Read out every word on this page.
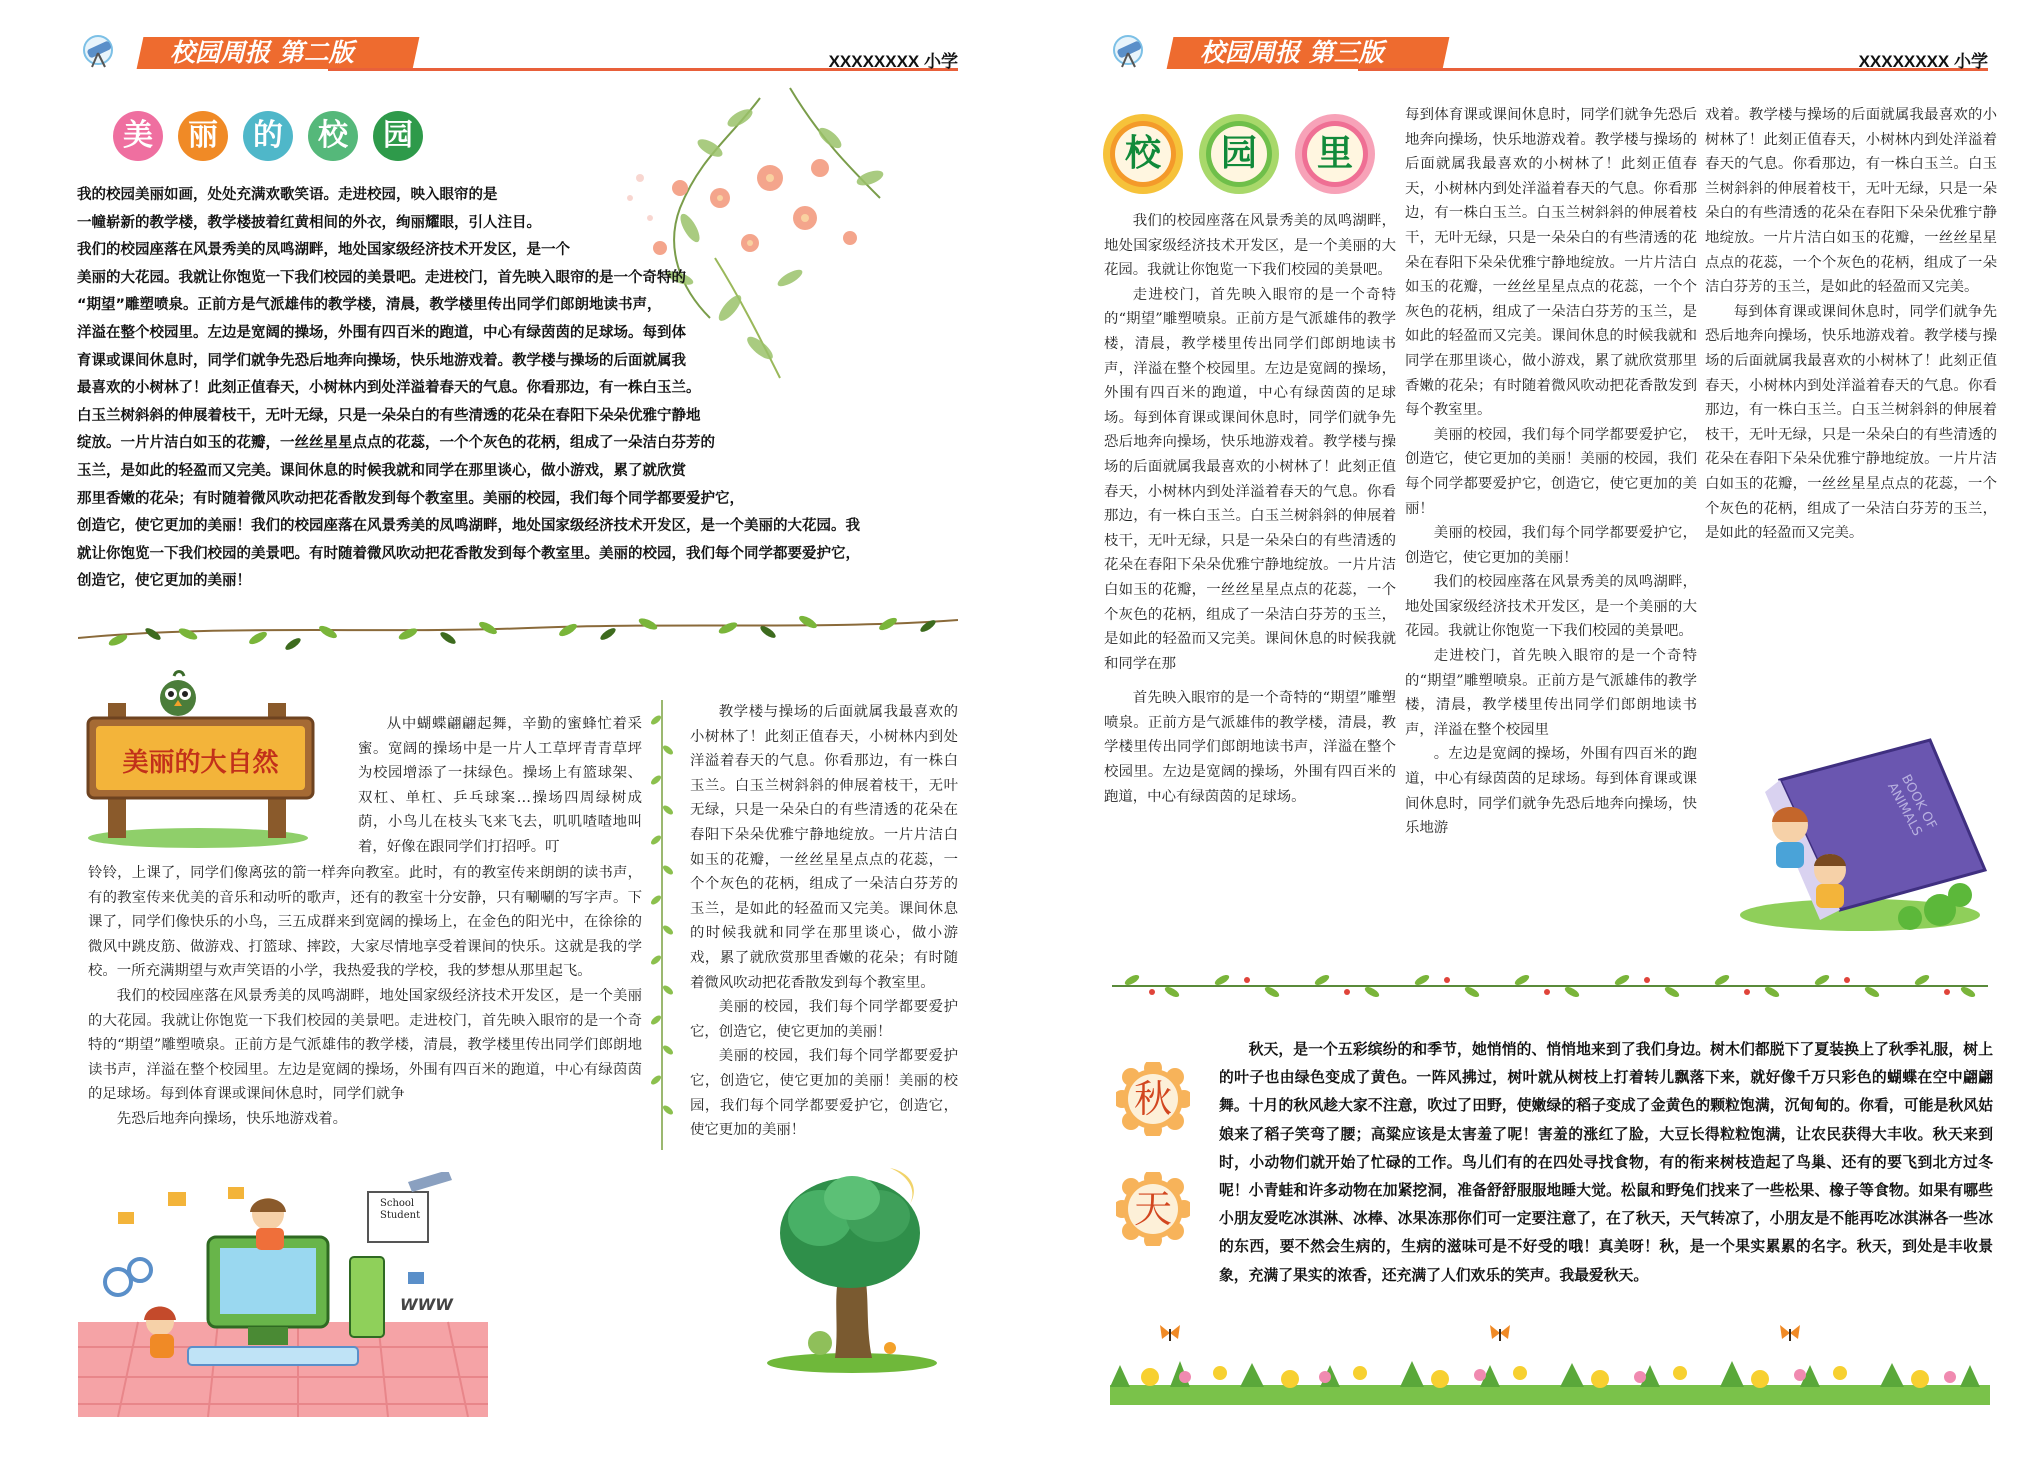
校园周报 第二版	XXXXXXXX 小学
美	丽	的	校	园
我的校园美丽如画，处处充满欢歌笑语。走进校园，映入眼帘的是
一幢崭新的教学楼，教学楼披着红黄相间的外衣，绚丽耀眼，引人注目。
我们的校园座落在风景秀美的凤鸣湖畔，地处国家级经济技术开发区，是一个
美丽的大花园。我就让你饱览一下我们校园的美景吧。走进校门，首先映入眼帘的是一个奇特的
“期望”雕塑喷泉。正前方是气派雄伟的教学楼，清晨，教学楼里传出同学们郎朗地读书声，
洋溢在整个校园里。左边是宽阔的操场，外围有四百米的跑道，中心有绿茵茵的足球场。每到体
育课或课间休息时，同学们就争先恐后地奔向操场，快乐地游戏着。教学楼与操场的后面就属我
最喜欢的小树林了！此刻正值春天，小树林内到处洋溢着春天的气息。你看那边，有一株白玉兰。
白玉兰树斜斜的伸展着枝干，无叶无绿，只是一朵朵白的有些清透的花朵在春阳下朵朵优雅宁静地
绽放。一片片洁白如玉的花瓣，一丝丝星星点点的花蕊，一个个灰色的花柄，组成了一朵洁白芬芳的
玉兰，是如此的轻盈而又完美。课间休息的时候我就和同学在那里谈心，做小游戏，累了就欣赏
那里香嫩的花朵；有时随着微风吹动把花香散发到每个教室里。美丽的校园，我们每个同学都要爱护它，
创造它，使它更加的美丽！我们的校园座落在风景秀美的凤鸣湖畔，地处国家级经济技术开发区，是一个美丽的大花园。我
就让你饱览一下我们校园的美景吧。有时随着微风吹动把花香散发到每个教室里。美丽的校园，我们每个同学都要爱护它，
创造它，使它更加的美丽！
美丽的大自然
从中蝴蝶翩翩起舞，辛勤的蜜蜂忙着采蜜。宽阔的操场中是一片人工草坪青青草坪为校园增添了一抹绿色。操场上有篮球架、双杠、单杠、乒乓球案…操场四周绿树成荫，小鸟儿在枝头飞来飞去，叽叽喳喳地叫着，好像在跟同学们打招呼。叮

铃铃，上课了，同学们像离弦的箭一样奔向教室。此时，有的教室传来朗朗的读书声，有的教室传来优美的音乐和动听的歌声，还有的教室十分安静，只有唰唰的写字声。下课了，同学们像快乐的小鸟，三五成群来到宽阔的操场上，在金色的阳光中，在徐徐的微风中跳皮筋、做游戏、打篮球、摔跤，大家尽情地享受着课间的快乐。这就是我的学校。一所充满期望与欢声笑语的小学，我热爱我的学校，我的梦想从那里起飞。

我们的校园座落在风景秀美的凤鸣湖畔，地处国家级经济技术开发区，是一个美丽的大花园。我就让你饱览一下我们校园的美景吧。走进校门，首先映入眼帘的是一个奇特的“期望”雕塑喷泉。正前方是气派雄伟的教学楼，清晨，教学楼里传出同学们郎朗地读书声，洋溢在整个校园里。左边是宽阔的操场，外围有四百米的跑道，中心有绿茵茵的足球场。每到体育课或课间休息时，同学们就争

先恐后地奔向操场，快乐地游戏着。

教学楼与操场的后面就属我最喜欢的小树林了！此刻正值春天，小树林内到处洋溢着春天的气息。你看那边，有一株白玉兰。白玉兰树斜斜的伸展着枝干，无叶无绿，只是一朵朵白的有些清透的花朵在春阳下朵朵优雅宁静地绽放。一片片洁白如玉的花瓣，一丝丝星星点点的花蕊，一个个灰色的花柄，组成了一朵洁白芬芳的玉兰，是如此的轻盈而又完美。课间休息的时候我就和同学在那里谈心，做小游戏，累了就欣赏那里香嫩的花朵；有时随着微风吹动把花香散发到每个教室里。

美丽的校园，我们每个同学都要爱护它，创造它，使它更加的美丽！

美丽的校园，我们每个同学都要爱护它，创造它，使它更加的美丽！美丽的校园，我们每个同学都要爱护它，创造它，使它更加的美丽！

School Student
WWW
校园周报 第三版	XXXXXXXX 小学
校	园	里

我们的校园座落在风景秀美的凤鸣湖畔，地处国家级经济技术开发区，是一个美丽的大花园。我就让你饱览一下我们校园的美景吧。

走进校门，首先映入眼帘的是一个奇特的“期望”雕塑喷泉。正前方是气派雄伟的教学楼，清晨，教学楼里传出同学们郎朗地读书声，洋溢在整个校园里。左边是宽阔的操场，外围有四百米的跑道，中心有绿茵茵的足球场。每到体育课或课间休息时，同学们就争先恐后地奔向操场，快乐地游戏着。教学楼与操场的后面就属我最喜欢的小树林了！此刻正值春天，小树林内到处洋溢着春天的气息。你看那边，有一株白玉兰。白玉兰树斜斜的伸展着枝干，无叶无绿，只是一朵朵白的有些清透的花朵在春阳下朵朵优雅宁静地绽放。一片片洁白如玉的花瓣，一丝丝星星点点的花蕊，一个个灰色的花柄，组成了一朵洁白芬芳的玉兰，是如此的轻盈而又完美。课间休息的时候我就和同学在那

首先映入眼帘的是一个奇特的“期望”雕塑喷泉。正前方是气派雄伟的教学楼，清晨，教学楼里传出同学们郎朗地读书声，洋溢在整个校园里。左边是宽阔的操场，外围有四百米的跑道，中心有绿茵茵的足球场。

每到体育课或课间休息时，同学们就争先恐后地奔向操场，快乐地游戏着。教学楼与操场的后面就属我最喜欢的小树林了！此刻正值春天，小树林内到处洋溢着春天的气息。你看那边，有一株白玉兰。白玉兰树斜斜的伸展着枝干，无叶无绿，只是一朵朵白的有些清透的花朵在春阳下朵朵优雅宁静地绽放。一片片洁白如玉的花瓣，一丝丝星星点点的花蕊，一个个灰色的花柄，组成了一朵洁白芬芳的玉兰，是如此的轻盈而又完美。课间休息的时候我就和同学在那里谈心，做小游戏，累了就欣赏那里香嫩的花朵；有时随着微风吹动把花香散发到每个教室里。

美丽的校园，我们每个同学都要爱护它，创造它，使它更加的美丽！美丽的校园，我们每个同学都要爱护它，创造它，使它更加的美丽！

美丽的校园，我们每个同学都要爱护它，创造它，使它更加的美丽！

我们的校园座落在风景秀美的凤鸣湖畔，地处国家级经济技术开发区，是一个美丽的大花园。我就让你饱览一下我们校园的美景吧。

走进校门，首先映入眼帘的是一个奇特的“期望”雕塑喷泉。正前方是气派雄伟的教学楼，清晨，教学楼里传出同学们郎朗地读书声，洋溢在整个校园里

。左边是宽阔的操场，外围有四百米的跑道，中心有绿茵茵的足球场。每到体育课或课间休息时，同学们就争先恐后地奔向操场，快乐地游

戏着。教学楼与操场的后面就属我最喜欢的小树林了！此刻正值春天，小树林内到处洋溢着春天的气息。你看那边，有一株白玉兰。白玉兰树斜斜的伸展着枝干，无叶无绿，只是一朵朵白的有些清透的花朵在春阳下朵朵优雅宁静地绽放。一片片洁白如玉的花瓣，一丝丝星星点点的花蕊，一个个灰色的花柄，组成了一朵洁白芬芳的玉兰，是如此的轻盈而又完美。

每到体育课或课间休息时，同学们就争先恐后地奔向操场，快乐地游戏着。教学楼与操场的后面就属我最喜欢的小树林了！此刻正值春天，小树林内到处洋溢着春天的气息。你看那边，有一株白玉兰。白玉兰树斜斜的伸展着枝干，无叶无绿，只是一朵朵白的有些清透的花朵在春阳下朵朵优雅宁静地绽放。一片片洁白如玉的花瓣，一丝丝星星点点的花蕊，一个个灰色的花柄，组成了一朵洁白芬芳的玉兰，是如此的轻盈而又完美。

BOOK OF ANIMALS
秋
天
秋天，是一个五彩缤纷的和季节，她悄悄的、悄悄地来到了我们身边。树木们都脱下了夏装换上了秋季礼服，树上的叶子也由绿色变成了黄色。一阵风拂过，树叶就从树枝上打着转儿飘落下来，就好像千万只彩色的蝴蝶在空中翩翩舞。十月的秋风趁大家不注意，吹过了田野，使嫩绿的稻子变成了金黄色的颗粒饱满，沉甸甸的。你看，可能是秋风姑娘来了稻子笑弯了腰；高粱应该是太害羞了呢！害羞的涨红了脸，大豆长得粒粒饱满，让农民获得大丰收。秋天来到时，小动物们就开始了忙碌的工作。鸟儿们有的在四处寻找食物，有的衔来树枝造起了鸟巢、还有的要飞到北方过冬呢！小青蛙和许多动物在加紧挖洞，准备舒舒服服地睡大觉。松鼠和野兔们找来了一些松果、橡子等食物。如果有哪些小朋友爱吃冰淇淋、冰棒、冰果冻那你们可一定要注意了，在了秋天，天气转凉了，小朋友是不能再吃冰淇淋各一些冰的东西，要不然会生病的，生病的滋味可是不好受的哦！真美呀！秋，是一个果实累累的名字。秋天，到处是丰收景象，充满了果实的浓香，还充满了人们欢乐的笑声。我最爱秋天。
